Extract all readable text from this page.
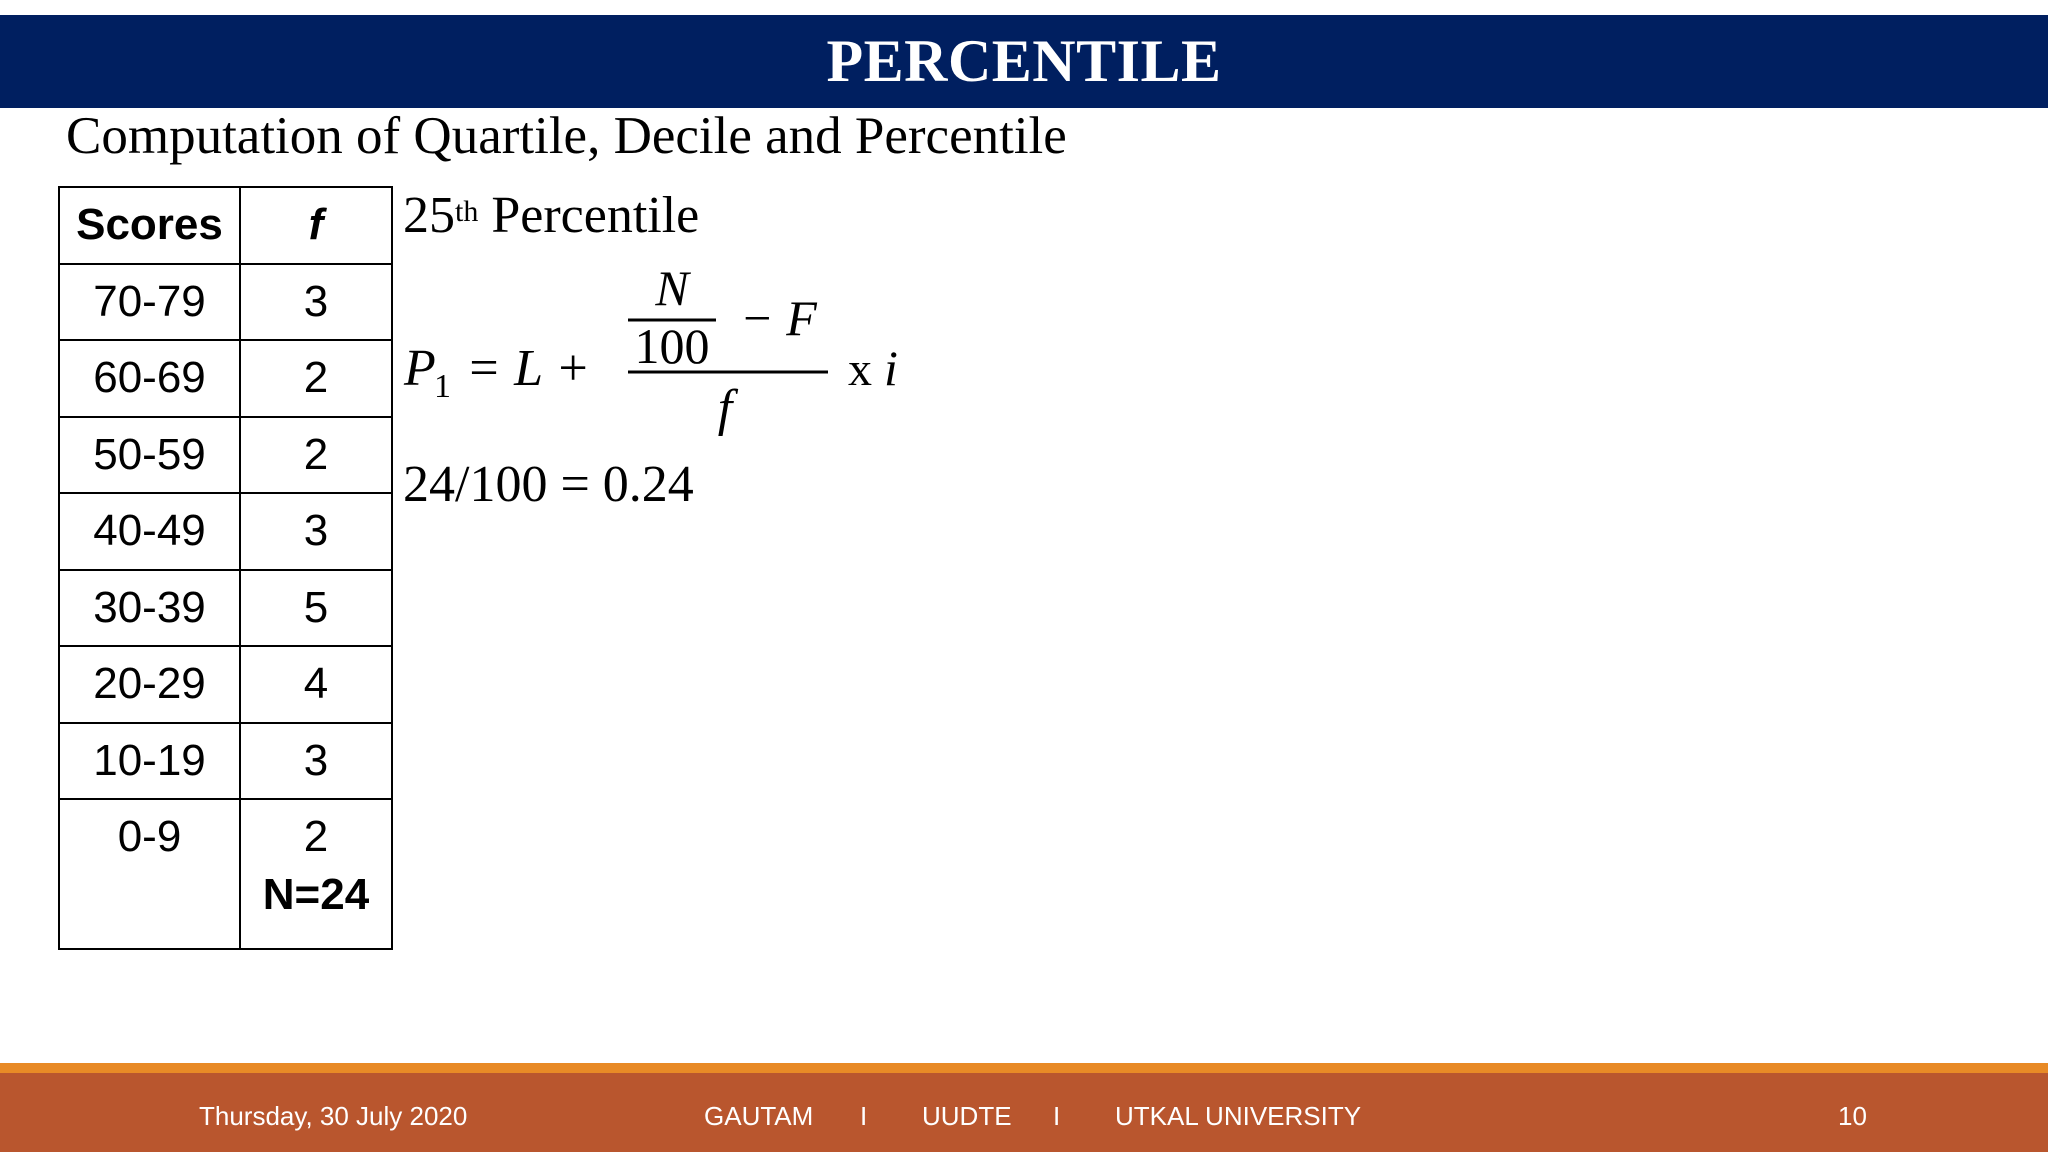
PERCENTILE
Computation of Quartile, Decile and Percentile
Scores	f
70-79	3
60-69	2
50-59	2
40-49	3
30-39	5
20-29	4
10-19	3
0-9	2
N=24
25th Percentile
P
1 = L +
N
100 − F
f
x i
24/100 = 0.24
Thursday, 30 July 2020	GAUTAM I UUDTE I UTKAL UNIVERSITY	10
